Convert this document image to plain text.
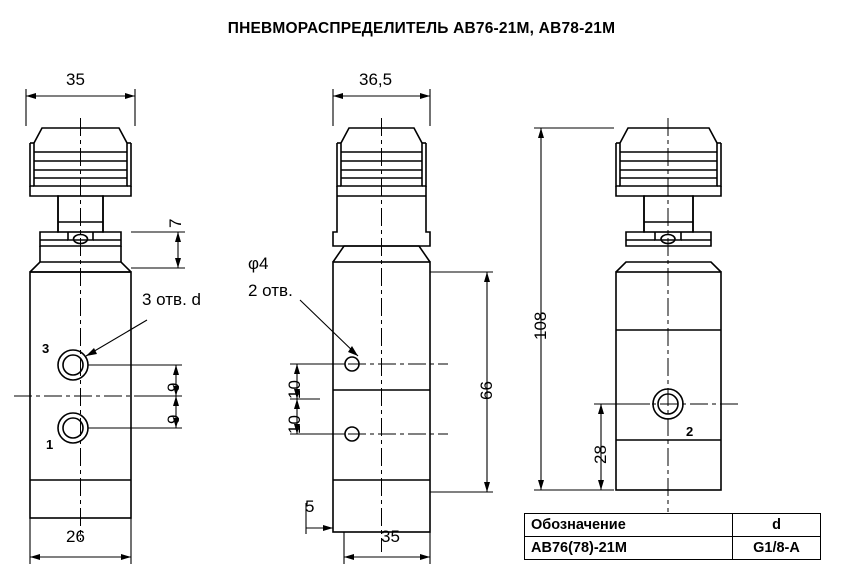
ПНЕВМОРАСПРЕДЕЛИТЕЛЬ АВ76-21М, АВ78-21М
35
26
7
3 отв. d
3
1
9
9
36,5
35
5
66
φ4
2 отв.
10
10
108
28
2
Обозначение	d
АВ76(78)-21М	G1/8-A
